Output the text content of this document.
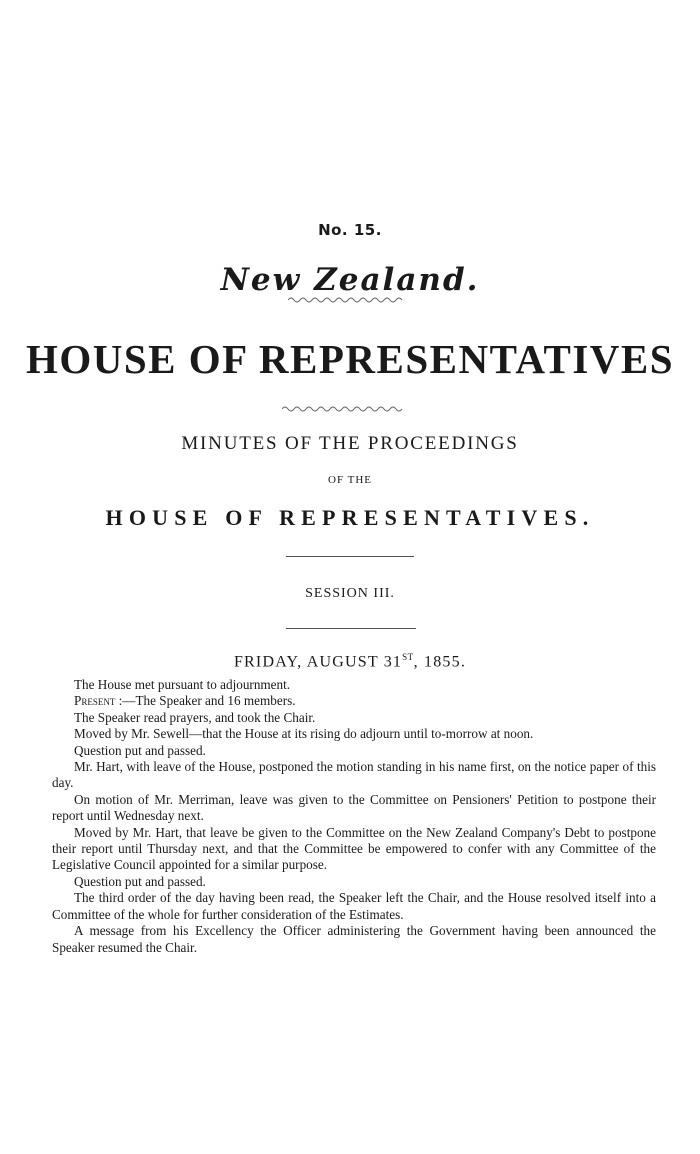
No. 15.
New Zealand.
HOUSE OF REPRESENTATIVES
MINUTES OF THE PROCEEDINGS
OF THE
HOUSE OF REPRESENTATIVES.
SESSION III.
FRIDAY, AUGUST 31ST, 1855.

The House met pursuant to adjournment.

Present :—The Speaker and 16 members.

The Speaker read prayers, and took the Chair.

Moved by Mr. Sewell—that the House at its rising do adjourn until to-morrow at noon.

Question put and passed.

Mr. Hart, with leave of the House, postponed the motion standing in his name first, on the notice paper of this day.

On motion of Mr. Merriman, leave was given to the Committee on Pensioners' Petition to postpone their report until Wednesday next.

Moved by Mr. Hart, that leave be given to the Committee on the New Zealand Company's Debt to postpone their report until Thursday next, and that the Committee be empowered to confer with any Committee of the Legislative Council appointed for a similar purpose.

Question put and passed.

The third order of the day having been read, the Speaker left the Chair, and the House resolved itself into a Committee of the whole for further consideration of the Estimates.

A message from his Excellency the Officer administering the Government having been announced the Speaker resumed the Chair.
